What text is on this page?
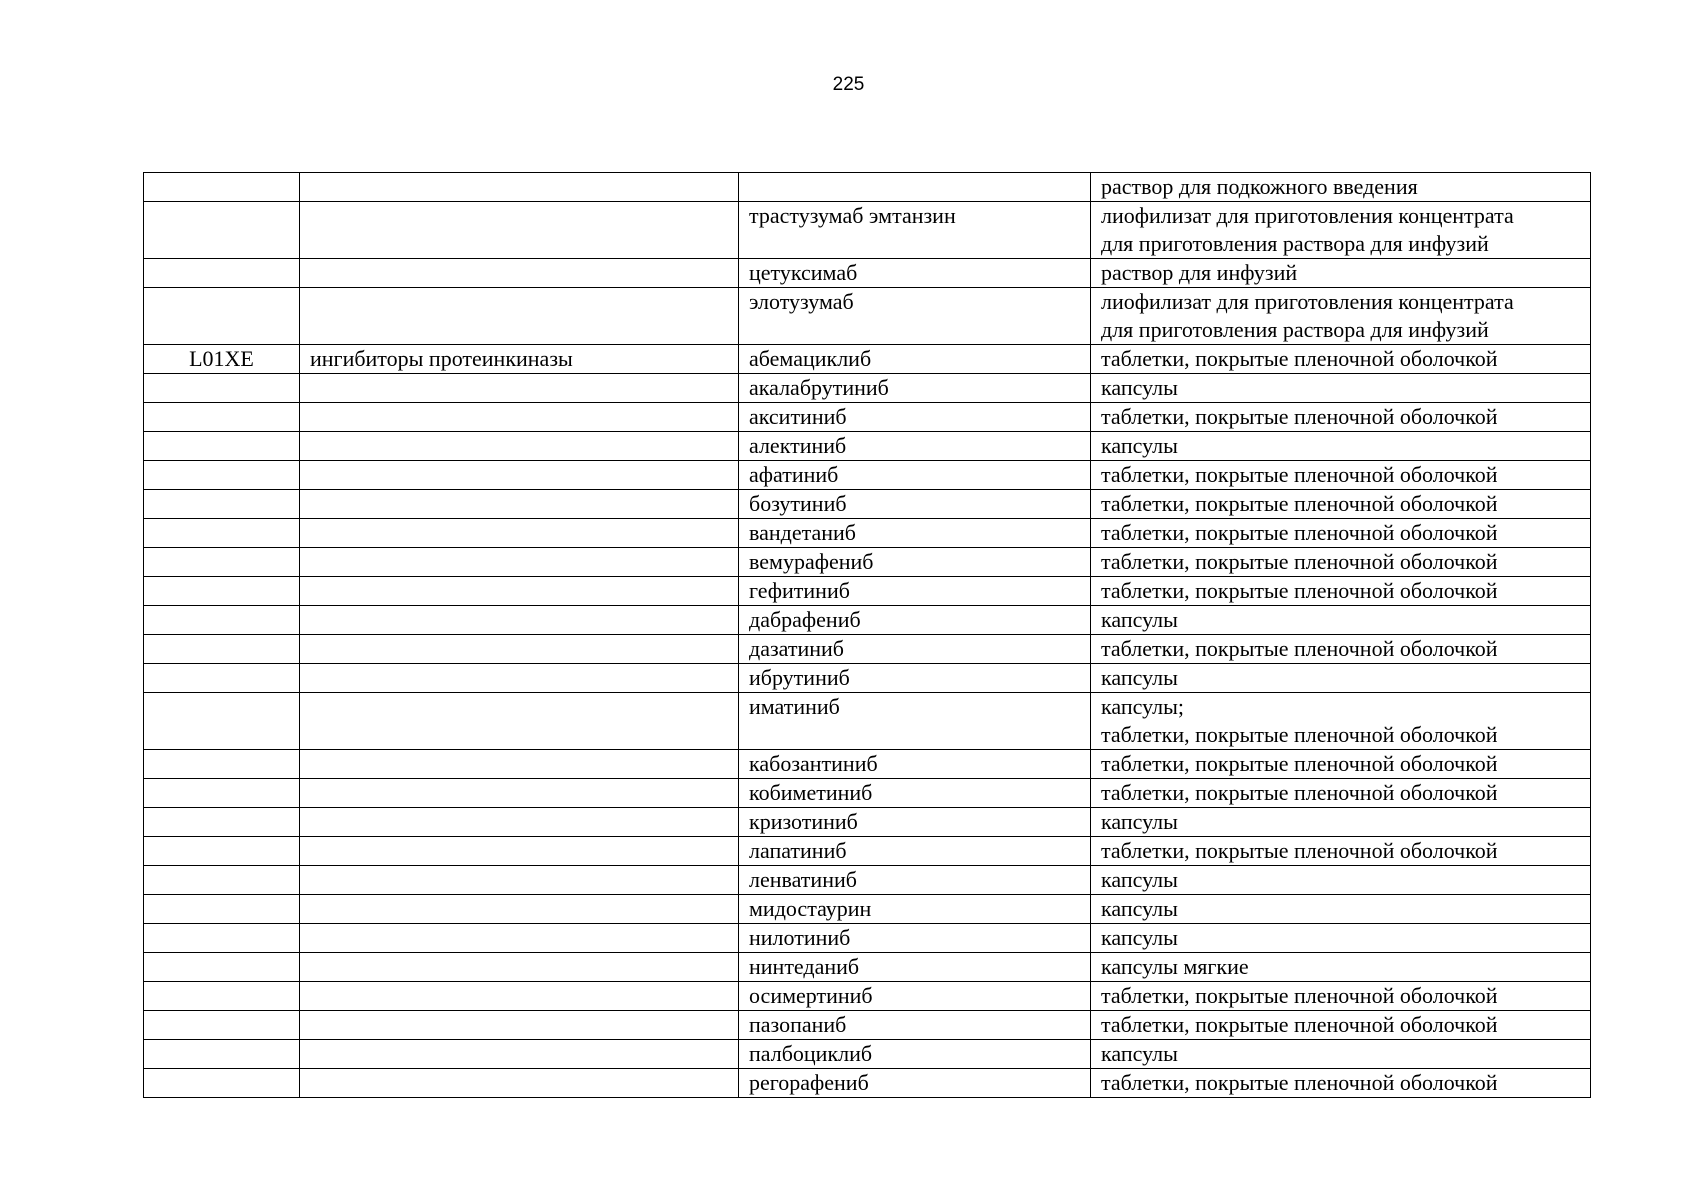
225
			раствор для подкожного введения
		трастузумаб эмтанзин	лиофилизат для приготовления концентрата
для приготовления раствора для инфузий
		цетуксимаб	раствор для инфузий
		элотузумаб	лиофилизат для приготовления концентрата
для приготовления раствора для инфузий
L01XE	ингибиторы протеинкиназы	абемациклиб	таблетки, покрытые пленочной оболочкой
		акалабрутиниб	капсулы
		акситиниб	таблетки, покрытые пленочной оболочкой
		алектиниб	капсулы
		афатиниб	таблетки, покрытые пленочной оболочкой
		бозутиниб	таблетки, покрытые пленочной оболочкой
		вандетаниб	таблетки, покрытые пленочной оболочкой
		вемурафениб	таблетки, покрытые пленочной оболочкой
		гефитиниб	таблетки, покрытые пленочной оболочкой
		дабрафениб	капсулы
		дазатиниб	таблетки, покрытые пленочной оболочкой
		ибрутиниб	капсулы
		иматиниб	капсулы;
таблетки, покрытые пленочной оболочкой
		кабозантиниб	таблетки, покрытые пленочной оболочкой
		кобиметиниб	таблетки, покрытые пленочной оболочкой
		кризотиниб	капсулы
		лапатиниб	таблетки, покрытые пленочной оболочкой
		ленватиниб	капсулы
		мидостаурин	капсулы
		нилотиниб	капсулы
		нинтеданиб	капсулы мягкие
		осимертиниб	таблетки, покрытые пленочной оболочкой
		пазопаниб	таблетки, покрытые пленочной оболочкой
		палбоциклиб	капсулы
		регорафениб	таблетки, покрытые пленочной оболочкой
